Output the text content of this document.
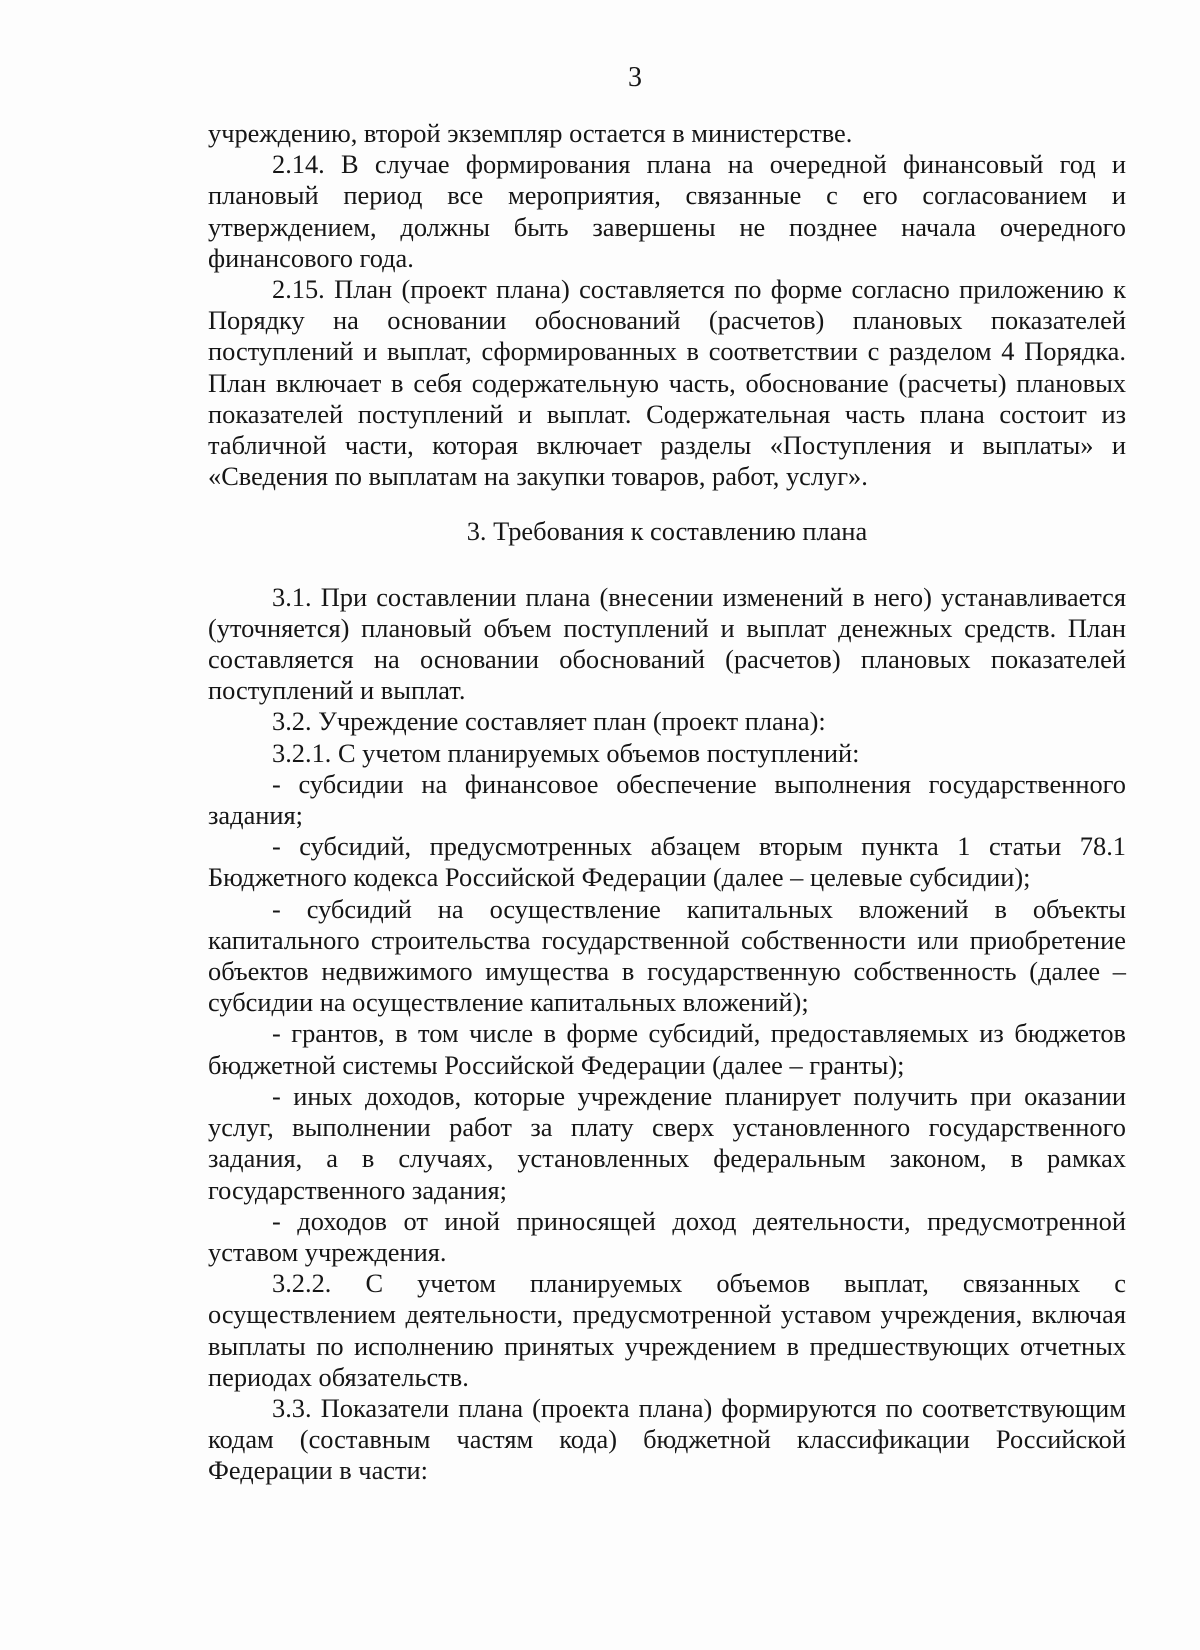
3

учреждению, второй экземпляр остается в министерстве.

2.14. В случае формирования плана на очередной финансовый год и плановый период все мероприятия, связанные с его согласованием и утверждением, должны быть завершены не позднее начала очередного финансового года.

2.15. План (проект плана) составляется по форме согласно приложению к Порядку на основании обоснований (расчетов) плановых показателей поступлений и выплат, сформированных в соответствии с разделом 4 Порядка. План включает в себя содержательную часть, обоснование (расчеты) плановых показателей поступлений и выплат. Содержательная часть плана состоит из табличной части, которая включает разделы «Поступления и выплаты» и «Сведения по выплатам на закупки товаров, работ, услуг».

3. Требования к составлению плана

3.1. При составлении плана (внесении изменений в него) устанавливается (уточняется) плановый объем поступлений и выплат денежных средств. План составляется на основании обоснований (расчетов) плановых показателей поступлений и выплат.

3.2. Учреждение составляет план (проект плана):

3.2.1. С учетом планируемых объемов поступлений:

- субсидии на финансовое обеспечение выполнения государственного задания;

- субсидий, предусмотренных абзацем вторым пункта 1 статьи 78.1 Бюджетного кодекса Российской Федерации (далее – целевые субсидии);

- субсидий на осуществление капитальных вложений в объекты капитального строительства государственной собственности или приобретение объектов недвижимого имущества в государственную собственность (далее – субсидии на осуществление капитальных вложений);

- грантов, в том числе в форме субсидий, предоставляемых из бюджетов бюджетной системы Российской Федерации (далее – гранты);

- иных доходов, которые учреждение планирует получить при оказании услуг, выполнении работ за плату сверх установленного государственного задания, а в случаях, установленных федеральным законом, в рамках государственного задания;

- доходов от иной приносящей доход деятельности, предусмотренной уставом учреждения.

3.2.2. С учетом планируемых объемов выплат, связанных с осуществлением деятельности, предусмотренной уставом учреждения, включая выплаты по исполнению принятых учреждением в предшествующих отчетных периодах обязательств.

3.3. Показатели плана (проекта плана) формируются по соответствующим кодам (составным частям кода) бюджетной классификации Российской Федерации в части:
